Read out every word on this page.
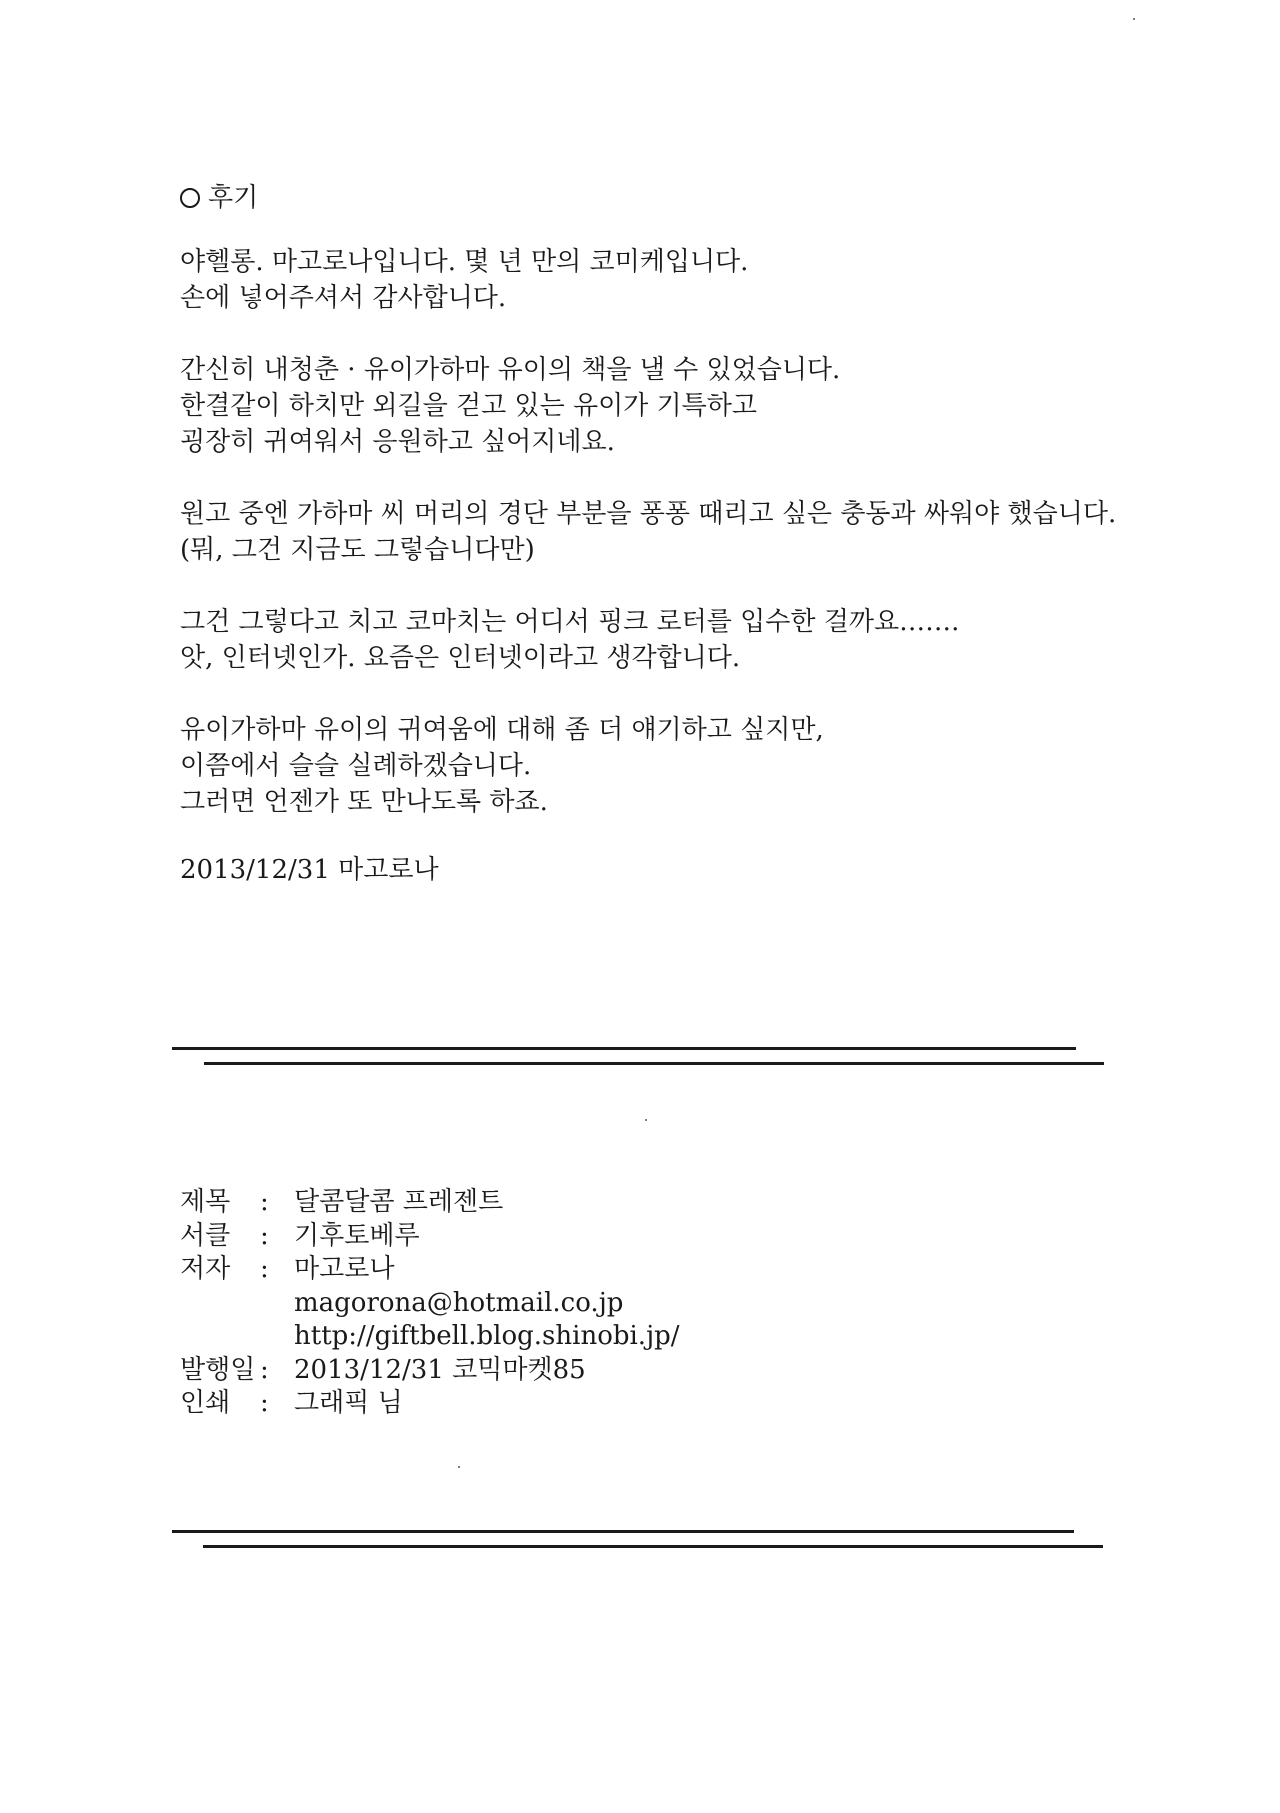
후기
야헬롱. 마고로나입니다. 몇 년 만의 코미케입니다.
손에 넣어주셔서 감사합니다.
간신히 내청춘 · 유이가하마 유이의 책을 낼 수 있었습니다.
한결같이 하치만 외길을 걷고 있는 유이가 기특하고
굉장히 귀여워서 응원하고 싶어지네요.
원고 중엔 가하마 씨 머리의 경단 부분을 퐁퐁 때리고 싶은 충동과 싸워야 했습니다.
(뭐, 그건 지금도 그렇습니다만)
그건 그렇다고 치고 코마치는 어디서 핑크 로터를 입수한 걸까요…….
앗, 인터넷인가. 요즘은 인터넷이라고 생각합니다.
유이가하마 유이의 귀여움에 대해 좀 더 얘기하고 싶지만,
이쯤에서 슬슬 실례하겠습니다.
그러면 언젠가 또 만나도록 하죠.
2013/12/31 마고로나
제목	: 달콤달콤 프레젠트
서클	: 기후토베루
저자	: 마고로나
magorona@hotmail.co.jp
http://giftbell.blog.shinobi.jp/
발행일 : 2013/12/31 코믹마켓85
인쇄	: 그래픽 님
